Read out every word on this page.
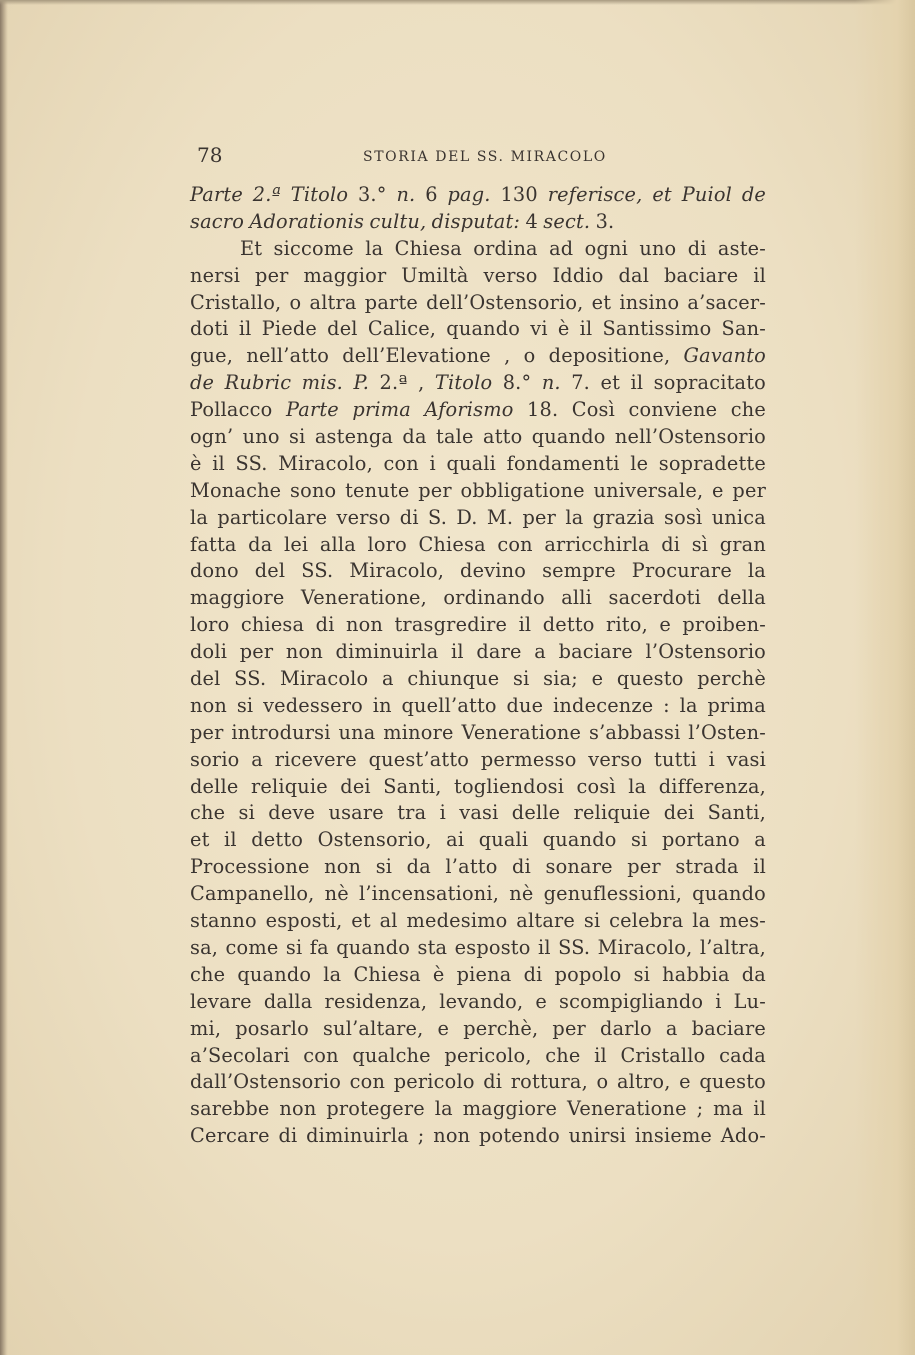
78	STORIA DEL SS. MIRACOLO
Parte 2.ª Titolo 3.° n. 6 pag. 130 referisce, et Puiol de
sacro Adorationis cultu, disputat: 4 sect. 3.
Et siccome la Chiesa ordina ad ogni uno di aste-
nersi per maggior Umiltà verso Iddio dal baciare il
Cristallo, o altra parte dell’Ostensorio, et insino a’sacer-
doti il Piede del Calice, quando vi è il Santissimo San-
gue, nell’atto dell’Elevatione , o depositione, Gavanto
de Rubric mis. P. 2.ª , Titolo 8.° n. 7. et il sopracitato
Pollacco Parte prima Aforismo 18. Così conviene che
ogn’ uno si astenga da tale atto quando nell’Ostensorio
è il SS. Miracolo, con i quali fondamenti le sopradette
Monache sono tenute per obbligatione universale, e per
la particolare verso di S. D. M. per la grazia sosì unica
fatta da lei alla loro Chiesa con arricchirla di sì gran
dono del SS. Miracolo, devino sempre Procurare la
maggiore Veneratione, ordinando alli sacerdoti della
loro chiesa di non trasgredire il detto rito, e proiben-
doli per non diminuirla il dare a baciare l’Ostensorio
del SS. Miracolo a chiunque si sia; e questo perchè
non si vedessero in quell’atto due indecenze : la prima
per introdursi una minore Veneratione s’abbassi l’Osten-
sorio a ricevere quest’atto permesso verso tutti i vasi
delle reliquie dei Santi, togliendosi così la differenza,
che si deve usare tra i vasi delle reliquie dei Santi,
et il detto Ostensorio, ai quali quando si portano a
Processione non si da l’atto di sonare per strada il
Campanello, nè l’incensationi, nè genuflessioni, quando
stanno esposti, et al medesimo altare si celebra la mes-
sa, come si fa quando sta esposto il SS. Miracolo, l’altra,
che quando la Chiesa è piena di popolo si habbia da
levare dalla residenza, levando, e scompigliando i Lu-
mi, posarlo sul’altare, e perchè, per darlo a baciare
a’Secolari con qualche pericolo, che il Cristallo cada
dall’Ostensorio con pericolo di rottura, o altro, e questo
sarebbe non protegere la maggiore Veneratione ; ma il
Cercare di diminuirla ; non potendo unirsi insieme Ado-
